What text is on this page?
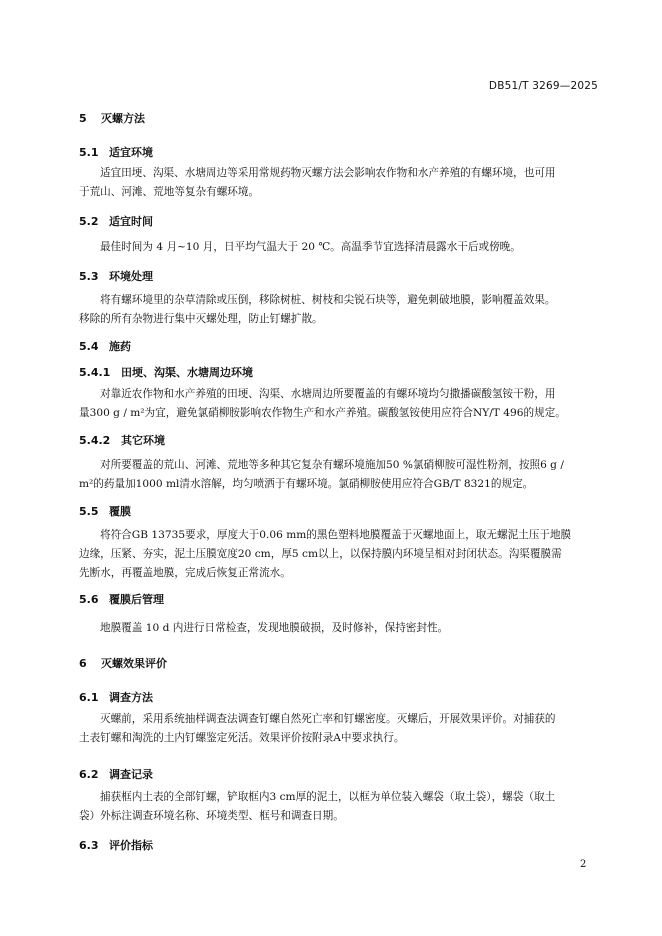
DB51/T 3269—2025
5 灭螺方法
5.1 适宜环境
适宜田埂、沟渠、水塘周边等采用常规药物灭螺方法会影响农作物和水产养殖的有螺环境，也可用
于荒山、河滩、荒地等复杂有螺环境。
5.2 适宜时间
最佳时间为 4 月~10 月，日平均气温大于 20 ℃。高温季节宜选择清晨露水干后或傍晚。
5.3 环境处理
将有螺环境里的杂草清除或压倒，移除树桩、树枝和尖锐石块等，避免刺破地膜，影响覆盖效果。
移除的所有杂物进行集中灭螺处理，防止钉螺扩散。
5.4 施药
5.4.1 田埂、沟渠、水塘周边环境
对靠近农作物和水产养殖的田埂、沟渠、水塘周边所要覆盖的有螺环境均匀撒播碳酸氢铵干粉，用
量300 g / m²为宜，避免氯硝柳胺影响农作物生产和水产养殖。碳酸氢铵使用应符合NY/T 496的规定。
5.4.2 其它环境
对所要覆盖的荒山、河滩、荒地等多种其它复杂有螺环境施加50 %氯硝柳胺可湿性粉剂，按照6 g /
m²的药量加1000 ml清水溶解，均匀喷洒于有螺环境。氯硝柳胺使用应符合GB/T 8321的规定。
5.5 覆膜
将符合GB 13735要求，厚度大于0.06 mm的黑色塑料地膜覆盖于灭螺地面上，取无螺泥土压于地膜
边缘，压紧、夯实，泥土压膜宽度20 cm，厚5 cm以上，以保持膜内环境呈相对封闭状态。沟渠覆膜需
先断水，再覆盖地膜，完成后恢复正常流水。
5.6 覆膜后管理
地膜覆盖 10 d 内进行日常检查，发现地膜破损，及时修补，保持密封性。
6 灭螺效果评价
6.1 调查方法
灭螺前，采用系统抽样调查法调查钉螺自然死亡率和钉螺密度。灭螺后，开展效果评价。对捕获的
土表钉螺和淘洗的土内钉螺鉴定死活。效果评价按附录A中要求执行。
6.2 调查记录
捕获框内土表的全部钉螺，铲取框内3 cm厚的泥土，以框为单位装入螺袋（取土袋），螺袋（取土
袋）外标注调查环境名称、环境类型、框号和调查日期。
6.3 评价指标
2
